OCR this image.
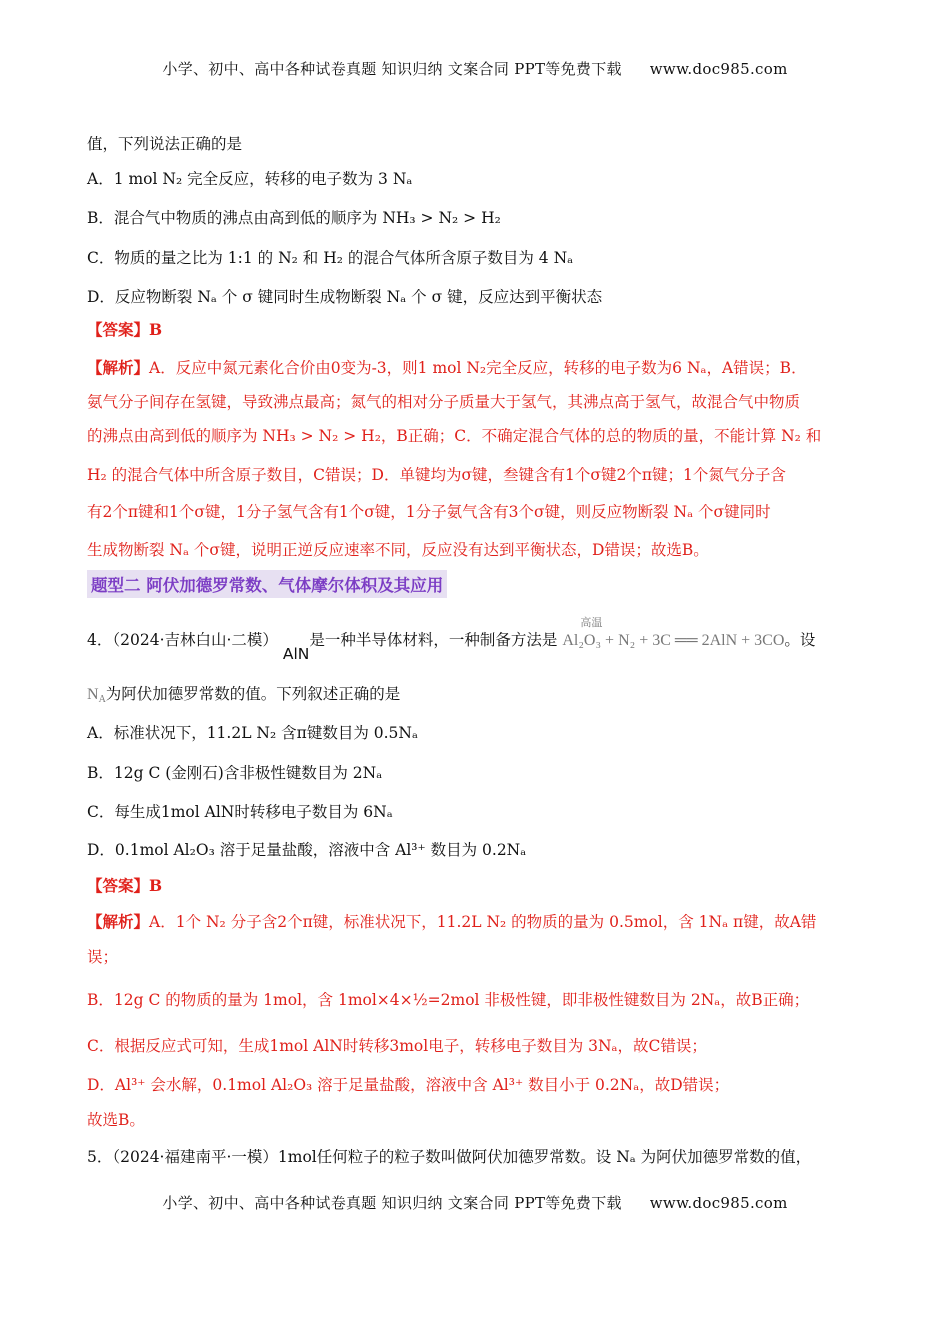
小学、初中、高中各种试卷真题 知识归纳 文案合同 PPT等免费下载 www.doc985.com
值，下列说法正确的是
A．1 mol N₂ 完全反应，转移的电子数为 3 Nₐ
B．混合气中物质的沸点由高到低的顺序为 NH₃ > N₂ > H₂
C．物质的量之比为 1:1 的 N₂ 和 H₂ 的混合气体所含原子数目为 4 Nₐ
D．反应物断裂 Nₐ 个 σ 键同时生成物断裂 Nₐ 个 σ 键，反应达到平衡状态
【答案】B
【解析】A．反应中氮元素化合价由0变为-3，则1 mol N₂完全反应，转移的电子数为6 Nₐ，A错误；B．
氨气分子间存在氢键，导致沸点最高；氮气的相对分子质量大于氢气，其沸点高于氢气，故混合气中物质
的沸点由高到低的顺序为 NH₃ > N₂ > H₂，B正确；C．不确定混合气体的总的物质的量，不能计算 N₂ 和
H₂ 的混合气体中所含原子数目，C错误；D．单键均为σ键，叁键含有1个σ键2个π键；1个氮气分子含
有2个π键和1个σ键，1分子氢气含有1个σ键，1分子氨气含有3个σ键，则反应物断裂 Nₐ 个σ键同时
生成物断裂 Nₐ 个σ键，说明正逆反应速率不同，反应没有达到平衡状态，D错误；故选B。
题型二 阿伏加德罗常数、气体摩尔体积及其应用
4．（2024·吉林白山·二模） AlN是一种半导体材料，一种制备方法是
高温
Al₂O₃ + N₂ + 3C ══ 2AlN + 3CO。设
$N_A$为阿伏加德罗常数的值。下列叙述正确的是
A．标准状况下，11.2L N₂ 含π键数目为 0.5Nₐ
B．12g C (金刚石)含非极性键数目为 2Nₐ
C．每生成1mol AlN时转移电子数目为 6Nₐ
D．0.1mol Al₂O₃ 溶于足量盐酸，溶液中含 Al³⁺ 数目为 0.2Nₐ
【答案】B
【解析】A．1个 N₂ 分子含2个π键，标准状况下，11.2L N₂ 的物质的量为 0.5mol，含 1Nₐ π键，故A错
误；
B．12g C 的物质的量为 1mol，含 1mol×4×½=2mol 非极性键，即非极性键数目为 2Nₐ，故B正确；
C．根据反应式可知，生成1mol AlN时转移3mol电子，转移电子数目为 3Nₐ，故C错误；
D．Al³⁺ 会水解，0.1mol Al₂O₃ 溶于足量盐酸，溶液中含 Al³⁺ 数目小于 0.2Nₐ，故D错误；
故选B。
5．（2024·福建南平·一模）1mol任何粒子的粒子数叫做阿伏加德罗常数。设 Nₐ 为阿伏加德罗常数的值，
小学、初中、高中各种试卷真题 知识归纳 文案合同 PPT等免费下载 www.doc985.com
